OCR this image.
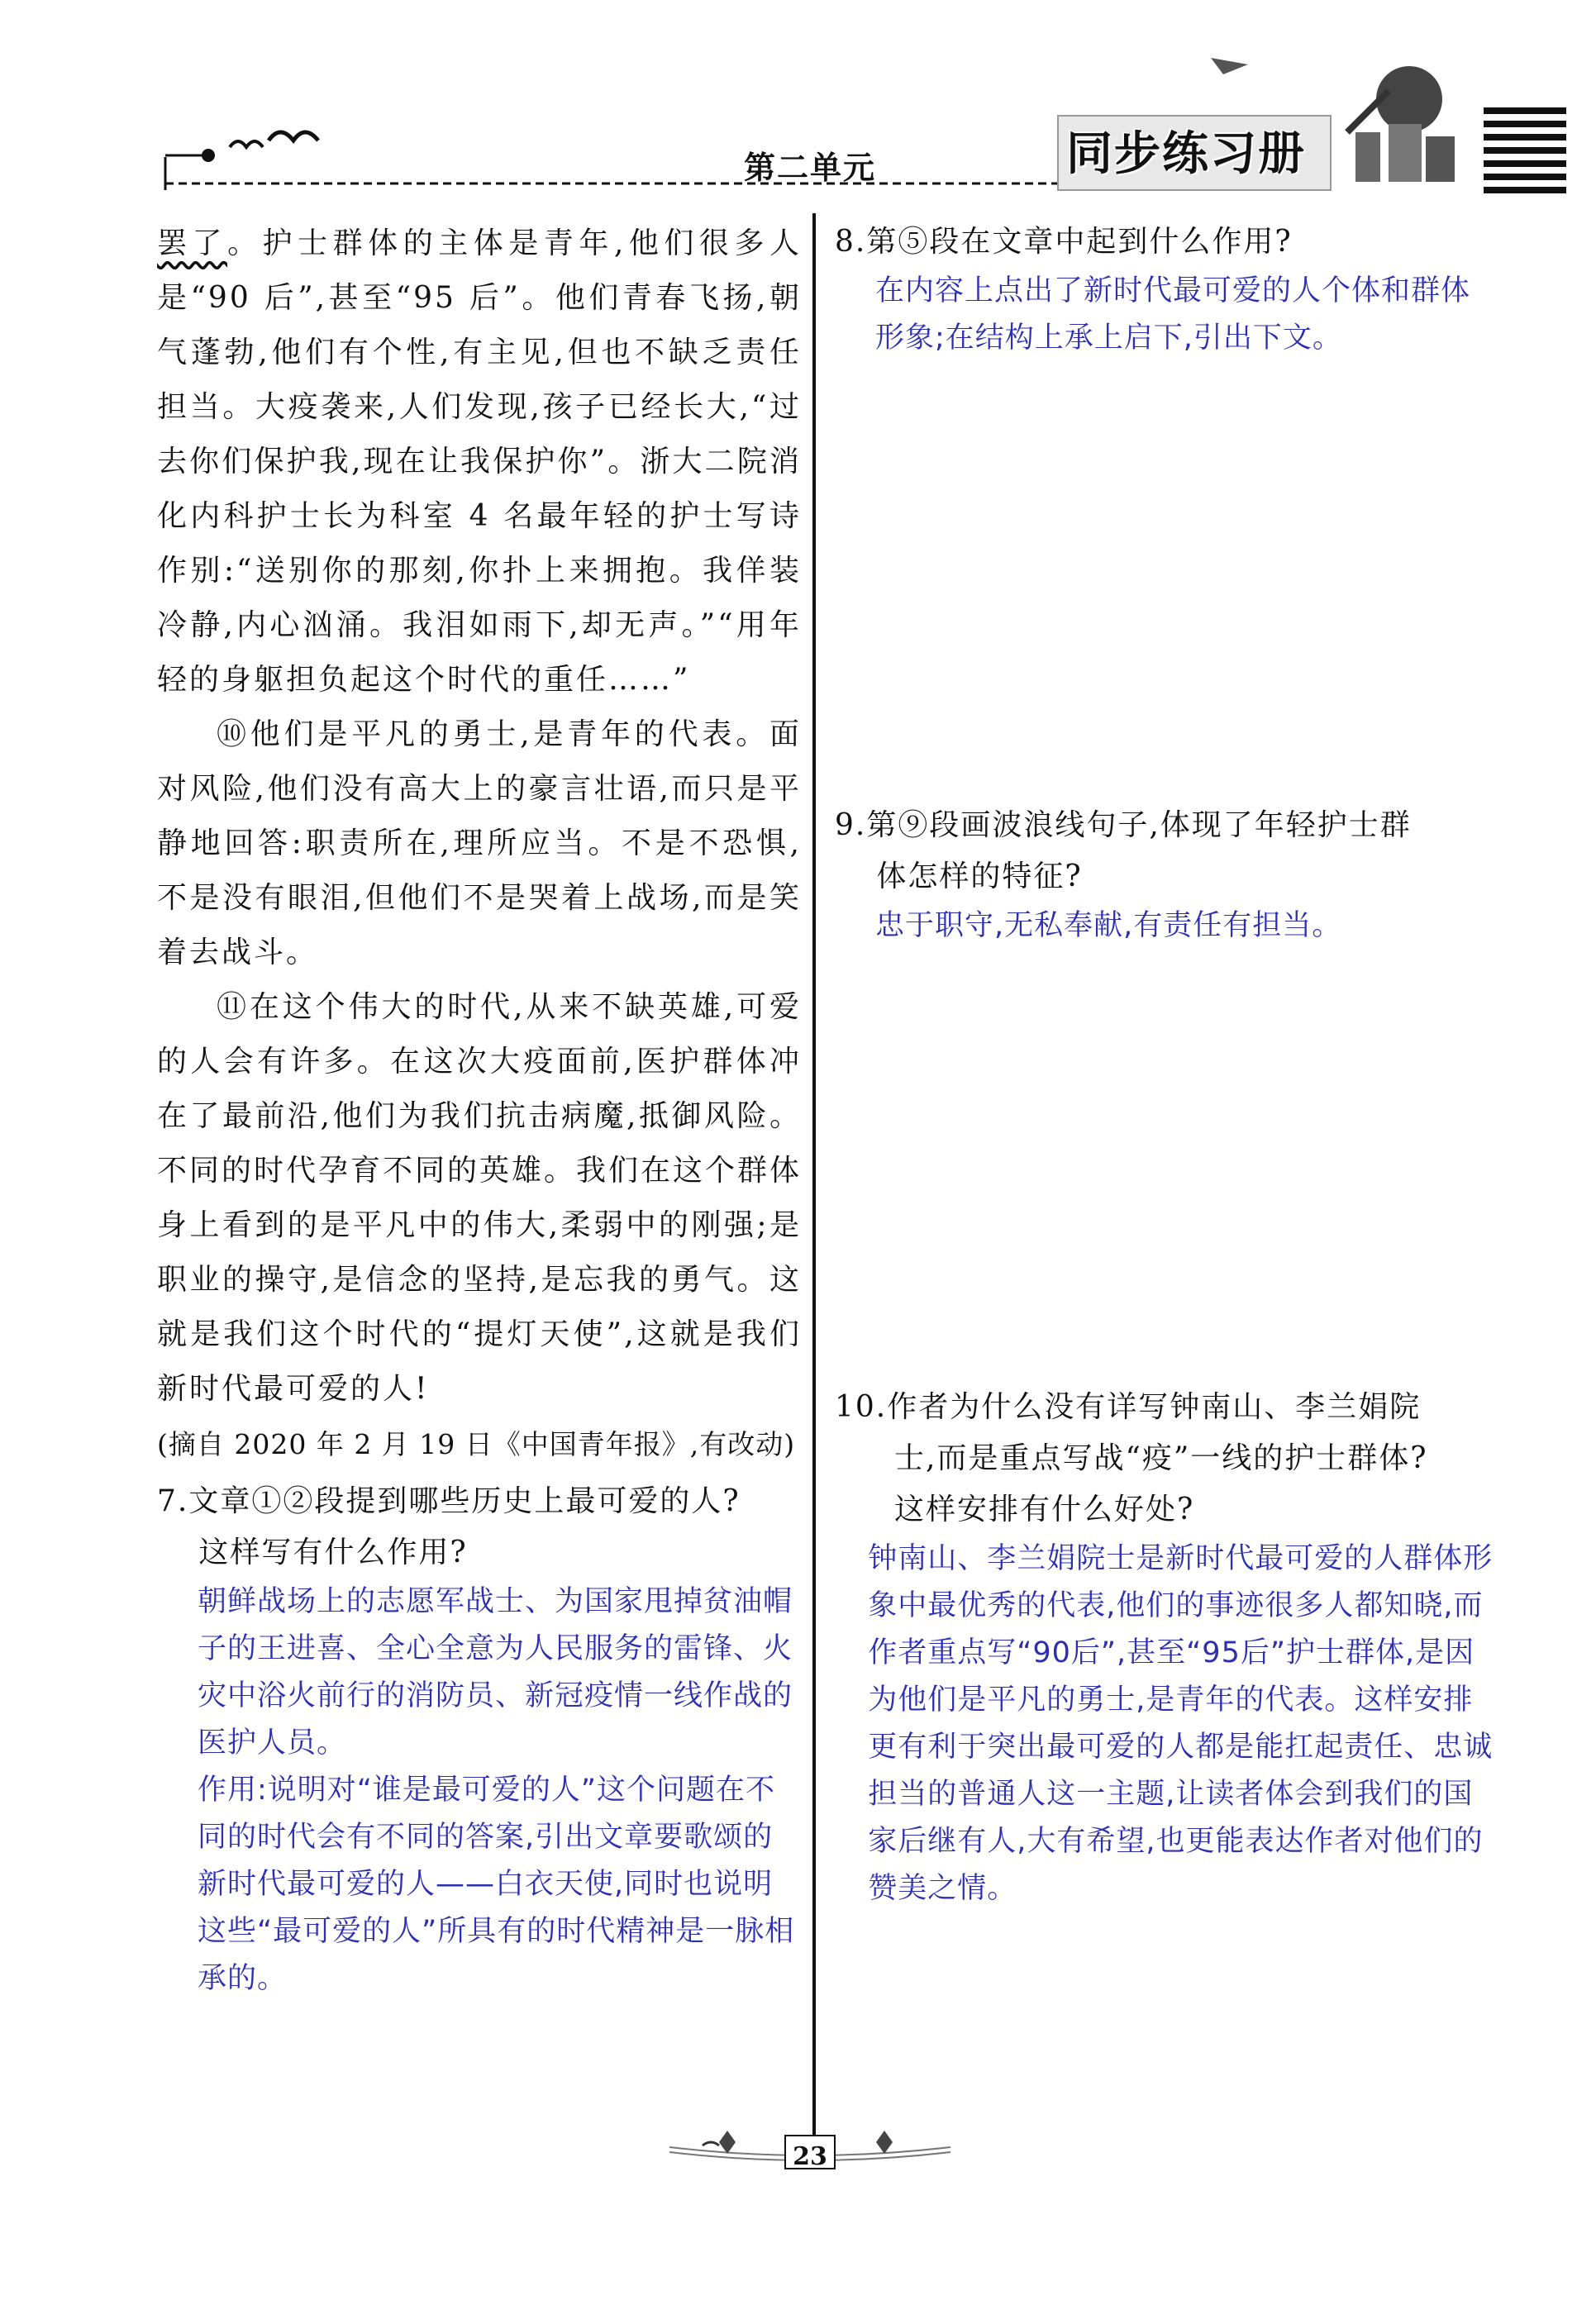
第二单元	同步练习册

罢了。护士群体的主体是青年,他们很多人是“90 后”,甚至“95 后”。他们青春飞扬,朝气蓬勃,他们有个性,有主见,但也不缺乏责任担当。大疫袭来,人们发现,孩子已经长大,“过去你们保护我,现在让我保护你”。浙大二院消化内科护士长为科室 4 名最年轻的护士写诗作别:“送别你的那刻,你扑上来拥抱。我佯装冷静,内心汹涌。我泪如雨下,却无声。”“用年轻的身躯担负起这个时代的重任……”

⑩他们是平凡的勇士,是青年的代表。面对风险,他们没有高大上的豪言壮语,而只是平静地回答:职责所在,理所应当。不是不恐惧,不是没有眼泪,但他们不是哭着上战场,而是笑着去战斗。

⑪在这个伟大的时代,从来不缺英雄,可爱的人会有许多。在这次大疫面前,医护群体冲在了最前沿,他们为我们抗击病魔,抵御风险。不同的时代孕育不同的英雄。我们在这个群体身上看到的是平凡中的伟大,柔弱中的刚强;是职业的操守,是信念的坚持,是忘我的勇气。这就是我们这个时代的“提灯天使”,这就是我们新时代最可爱的人!

(摘自 2020 年 2 月 19 日《中国青年报》,有改动)

7.文章①②段提到哪些历史上最可爱的人?

这样写有什么作用?

朝鲜战场上的志愿军战士、为国家甩掉贫油帽子的王进喜、全心全意为人民服务的雷锋、火灾中浴火前行的消防员、新冠疫情一线作战的医护人员。

作用:说明对“谁是最可爱的人”这个问题在不同的时代会有不同的答案,引出文章要歌颂的新时代最可爱的人——白衣天使,同时也说明这些“最可爱的人”所具有的时代精神是一脉相承的。

8.第⑤段在文章中起到什么作用?

在内容上点出了新时代最可爱的人个体和群体形象;在结构上承上启下,引出下文。

9.第⑨段画波浪线句子,体现了年轻护士群

体怎样的特征?

忠于职守,无私奉献,有责任有担当。

10.作者为什么没有详写钟南山、李兰娟院

士,而是重点写战“疫”一线的护士群体?

这样安排有什么好处?

钟南山、李兰娟院士是新时代最可爱的人群体形象中最优秀的代表,他们的事迹很多人都知晓,而作者重点写“90后”,甚至“95后”护士群体,是因为他们是平凡的勇士,是青年的代表。这样安排更有利于突出最可爱的人都是能扛起责任、忠诚担当的普通人这一主题,让读者体会到我们的国家后继有人,大有希望,也更能表达作者对他们的赞美之情。

23
